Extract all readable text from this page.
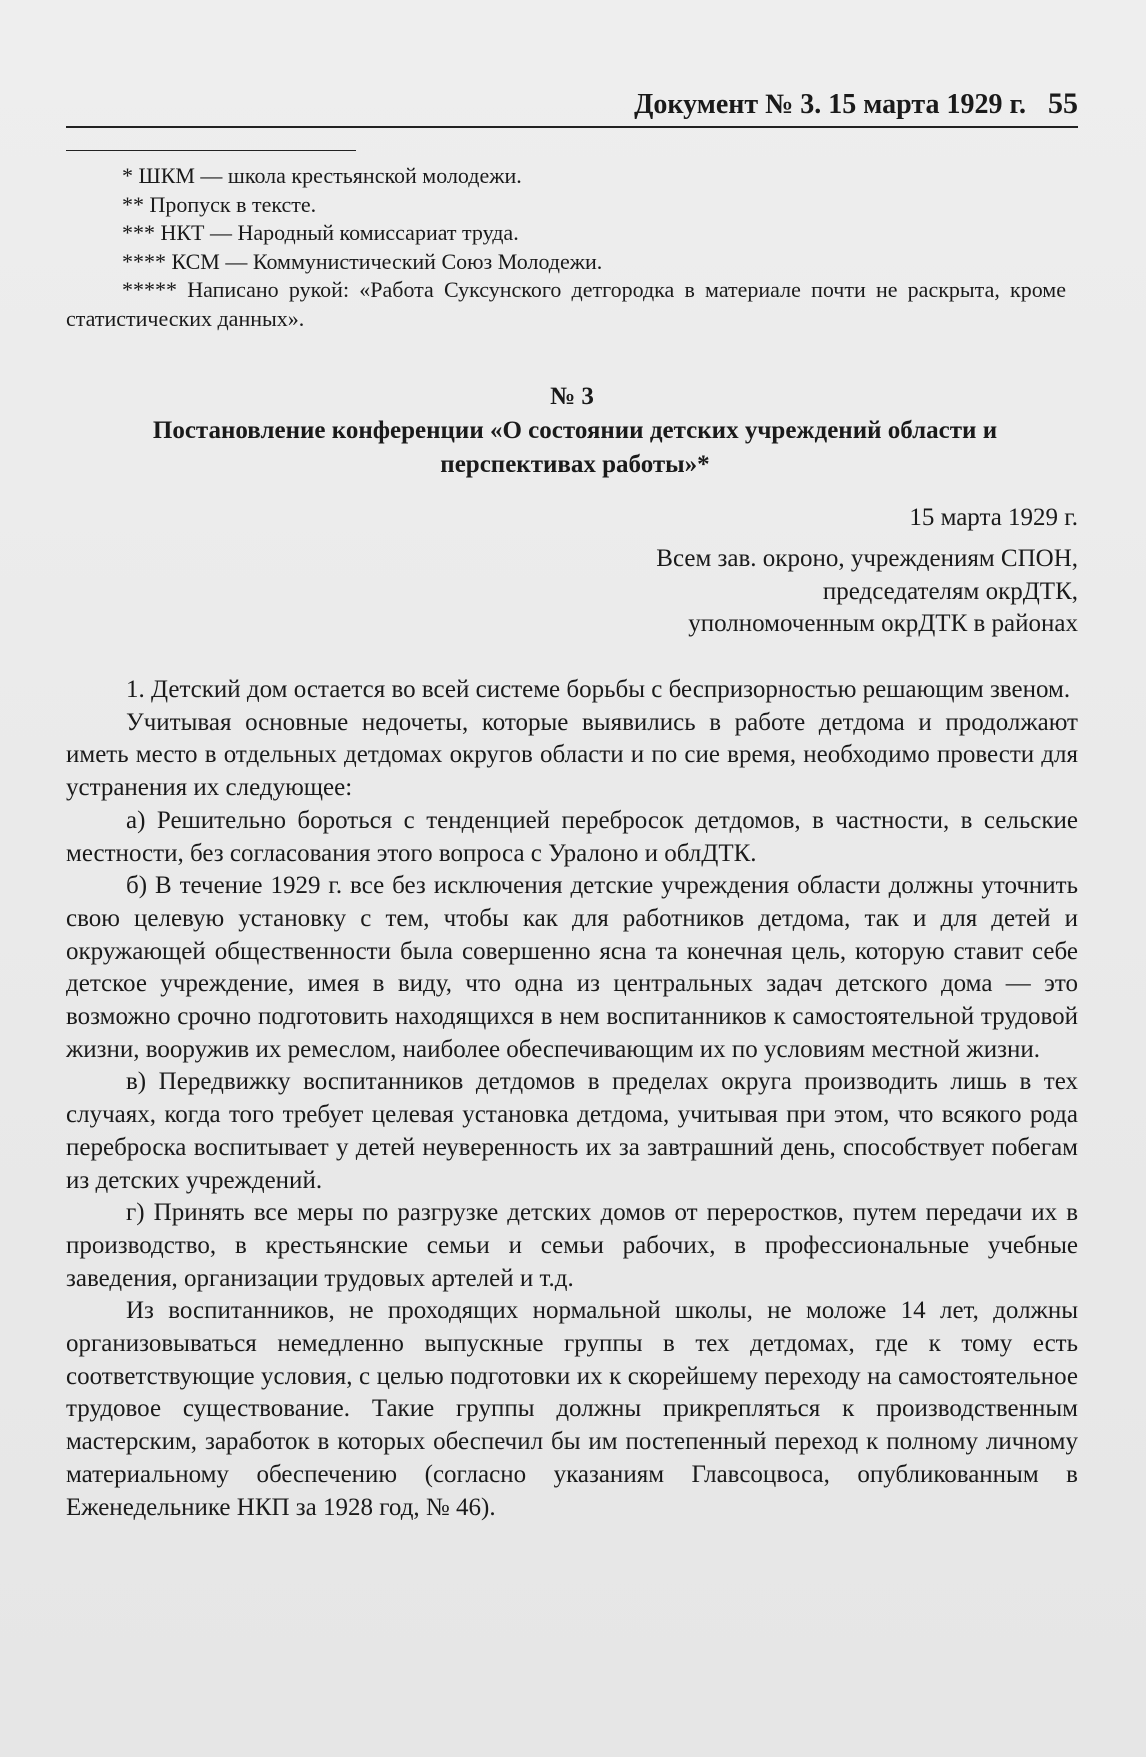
Документ № 3. 15 марта 1929 г. 55

* ШКМ — школа крестьянской молодежи.

** Пропуск в тексте.

*** НКТ — Народный комиссариат труда.

**** КСМ — Коммунистический Союз Молодежи.

***** Написано рукой: «Работа Суксунского детгородка в материале почти не раскрыта, кроме статистических данных».

№ 3
Постановление конференции «О состоянии детских учреждений области и перспективах работы»*
15 марта 1929 г.
Всем зав. окроно, учреждениям СПОН,
председателям окрДТК,
уполномоченным окрДТК в районах

1. Детский дом остается во всей системе борьбы с беспризорностью решающим звеном.

Учитывая основные недочеты, которые выявились в работе детдома и продолжают иметь место в отдельных детдомах округов области и по сие время, необходимо провести для устранения их следующее:

а) Решительно бороться с тенденцией перебросок детдомов, в частности, в сельские местности, без согласования этого вопроса с Уралоно и облДТК.

б) В течение 1929 г. все без исключения детские учреждения области должны уточнить свою целевую установку с тем, чтобы как для работников детдома, так и для детей и окружающей общественности была совершенно ясна та конечная цель, которую ставит себе детское учреждение, имея в виду, что одна из центральных задач детского дома — это возможно срочно подготовить находящихся в нем воспитанников к самостоятельной трудовой жизни, вооружив их ремеслом, наиболее обеспечивающим их по условиям местной жизни.

в) Передвижку воспитанников детдомов в пределах округа производить лишь в тех случаях, когда того требует целевая установка детдома, учитывая при этом, что всякого рода переброска воспитывает у детей неуверенность их за завтрашний день, способствует побегам из детских учреждений.

г) Принять все меры по разгрузке детских домов от переростков, путем передачи их в производство, в крестьянские семьи и семьи рабочих, в профессиональные учебные заведения, организации трудовых артелей и т.д.

Из воспитанников, не проходящих нормальной школы, не моложе 14 лет, должны организовываться немедленно выпускные группы в тех детдомах, где к тому есть соответствующие условия, с целью подготовки их к скорейшему переходу на самостоятельное трудовое существование. Такие группы должны прикрепляться к производственным мастерским, заработок в которых обеспечил бы им постепенный переход к полному личному материальному обеспечению (согласно указаниям Главсоцвоса, опубликованным в Еженедельнике НКП за 1928 год, № 46).
